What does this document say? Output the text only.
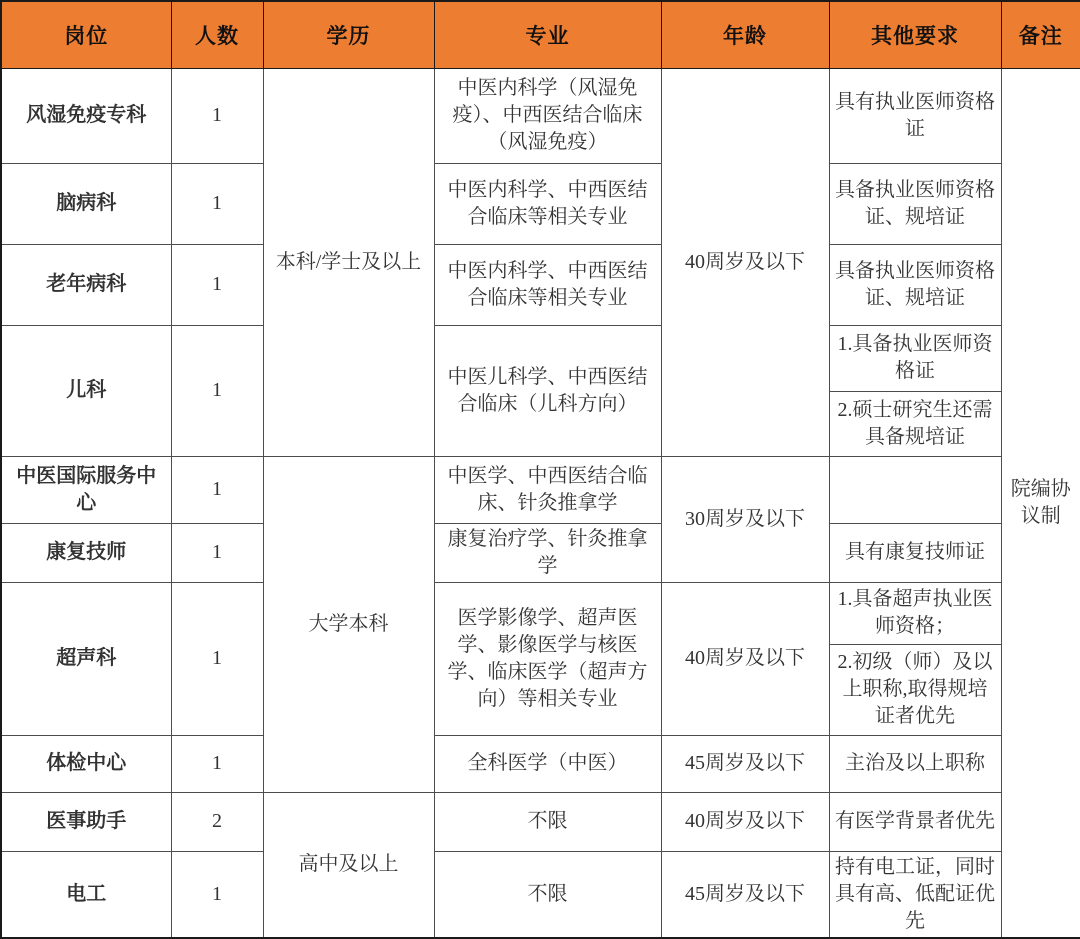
岗位	人数	学历	专业	年龄	其他要求	备注
风湿免疫专科	1	本科/学士及以上	中医内科学（风湿免疫）、中西医结合临床（风湿免疫）	40周岁及以下	具有执业医师资格证	院编协议制
脑病科	1		中医内科学、中西医结合临床等相关专业		具备执业医师资格证、规培证	
老年病科	1		中医内科学、中西医结合临床等相关专业		具备执业医师资格证、规培证	
儿科	1		中医儿科学、中西医结合临床（儿科方向）		1.具备执业医师资格证	
					2.硕士研究生还需具备规培证	
中医国际服务中心	1	大学本科	中医学、中西医结合临床、针灸推拿学	30周岁及以下		
康复技师	1		康复治疗学、针灸推拿学		具有康复技师证	
超声科	1		医学影像学、超声医学、影像医学与核医学、临床医学（超声方向）等相关专业	40周岁及以下	1.具备超声执业医师资格；	
					2.初级（师）及以上职称,取得规培证者优先	
体检中心	1		全科医学（中医）	45周岁及以下	主治及以上职称	
医事助手	2	高中及以上	不限	40周岁及以下	有医学背景者优先	
电工	1		不限	45周岁及以下	持有电工证，同时具有高、低配证优先	
